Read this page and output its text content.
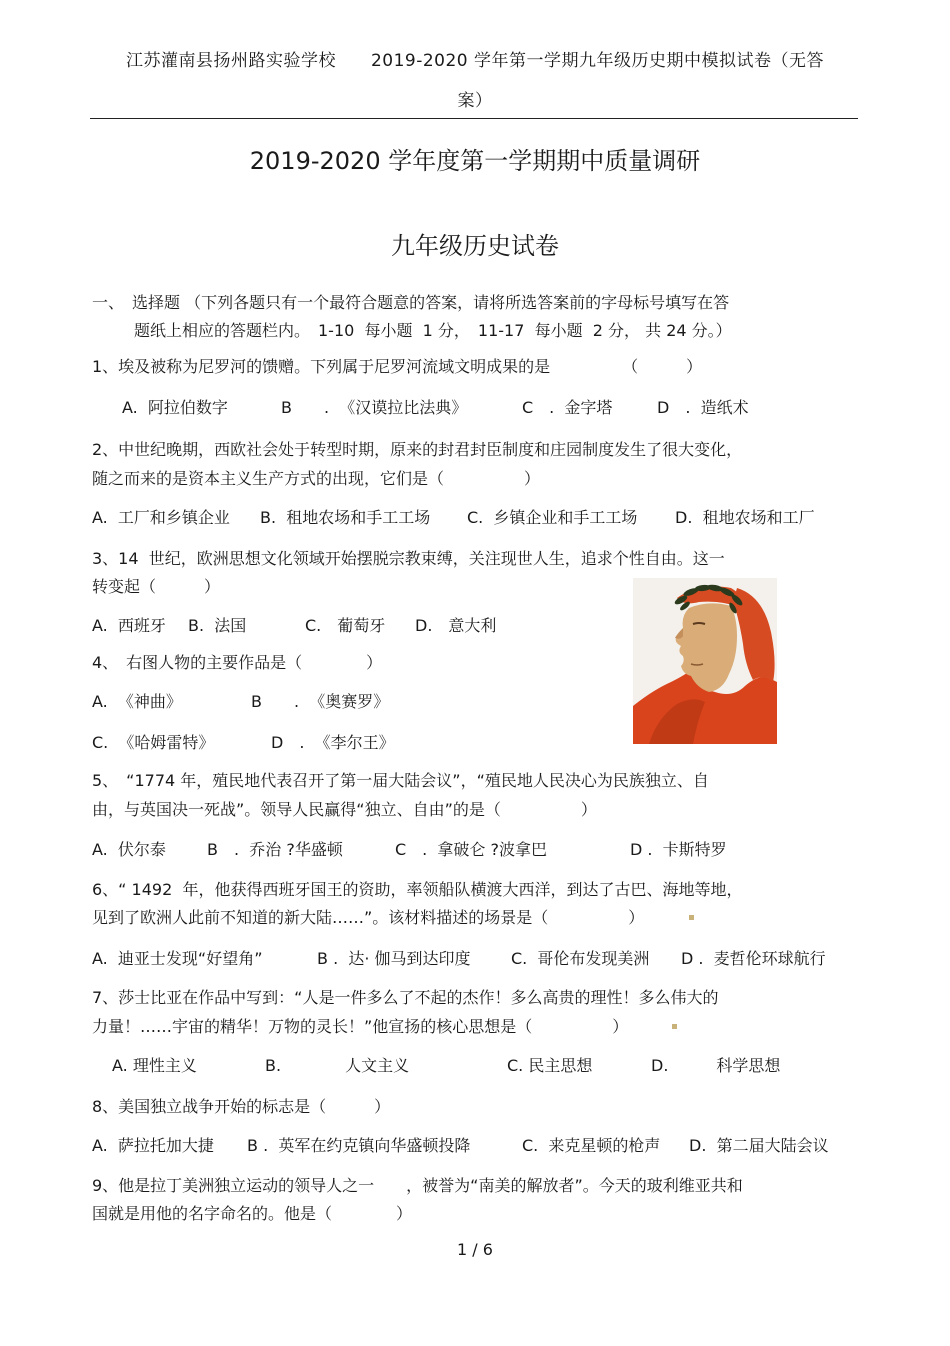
江苏灌南县扬州路实验学校　　2019-2020 学年第一学期九年级历史期中模拟试卷（无答
案）
2019-2020 学年度第一学期期中质量调研
九年级历史试卷
一、　选择题 （下列各题只有一个最符合题意的答案，请将所选答案前的字母标号填写在答
题纸上相应的答题栏内。　1-10  每小题  1 分，　11-17  每小题  2 分， 共 24 分。）
1、埃及被称为尼罗河的馈赠。下列属于尼罗河流域文明成果的是　　　　　（　　　）
A.  阿拉伯数字	B　　.  《汉谟拉比法典》	C　.  金字塔	D　.  造纸术
2、中世纪晚期，西欧社会处于转型时期，原来的封君封臣制度和庄园制度发生了很大变化，
随之而来的是资本主义生产方式的出现，它们是（　　　　　）
A.  工厂和乡镇企业 B.  租地农场和手工工场 C.  乡镇企业和手工工场 D.  租地农场和工厂
3、14  世纪，欧洲思想文化领域开始摆脱宗教束缚，关注现世人生，追求个性自由。这一
转变起（　　　）
A.  西班牙 B.  法国	C.　葡萄牙 D.　意大利
4、　右图人物的主要作品是（　　　　）
A.  《神曲》	B　　.  《奥赛罗》
C.  《哈姆雷特》	D　.  《李尔王》
5、　“1774 年，殖民地代表召开了第一届大陆会议”，“殖民地人民决心为民族独立、自
由，与英国决一死战”。领导人民赢得“独立、自由”的是（　　　　　）
A.  伏尔泰	B　.  乔治 ?华盛顿	C　.  拿破仑 ?波拿巴	D .  卡斯特罗
6、“ 1492  年，他获得西班牙国王的资助，率领船队横渡大西洋，到达了古巴、海地等地，
见到了欧洲人此前不知道的新大陆……”。该材料描述的场景是（　　　　　）
A.  迪亚士发现“好望角”	B .  达· 伽马到达印度	C.  哥伦布发现美洲 D .  麦哲伦环球航行
7、莎士比亚在作品中写到：“人是一件多么了不起的杰作！多么高贵的理性！多么伟大的
力量！……宇宙的精华！万物的灵长！”他宣扬的核心思想是（　　　　　）
A. 理性主义	B.　　　　人文主义	C. 民主思想	D.　　　科学思想
8、美国独立战争开始的标志是（　　　）
A.  萨拉托加大捷 B .  英军在约克镇向华盛顿投降	C.  来克星顿的枪声 D.  第二届大陆会议
9、他是拉丁美洲独立运动的领导人之一　　，被誉为“南美的解放者”。今天的玻利维亚共和
国就是用他的名字命名的。他是（　　　　）
1 / 6
